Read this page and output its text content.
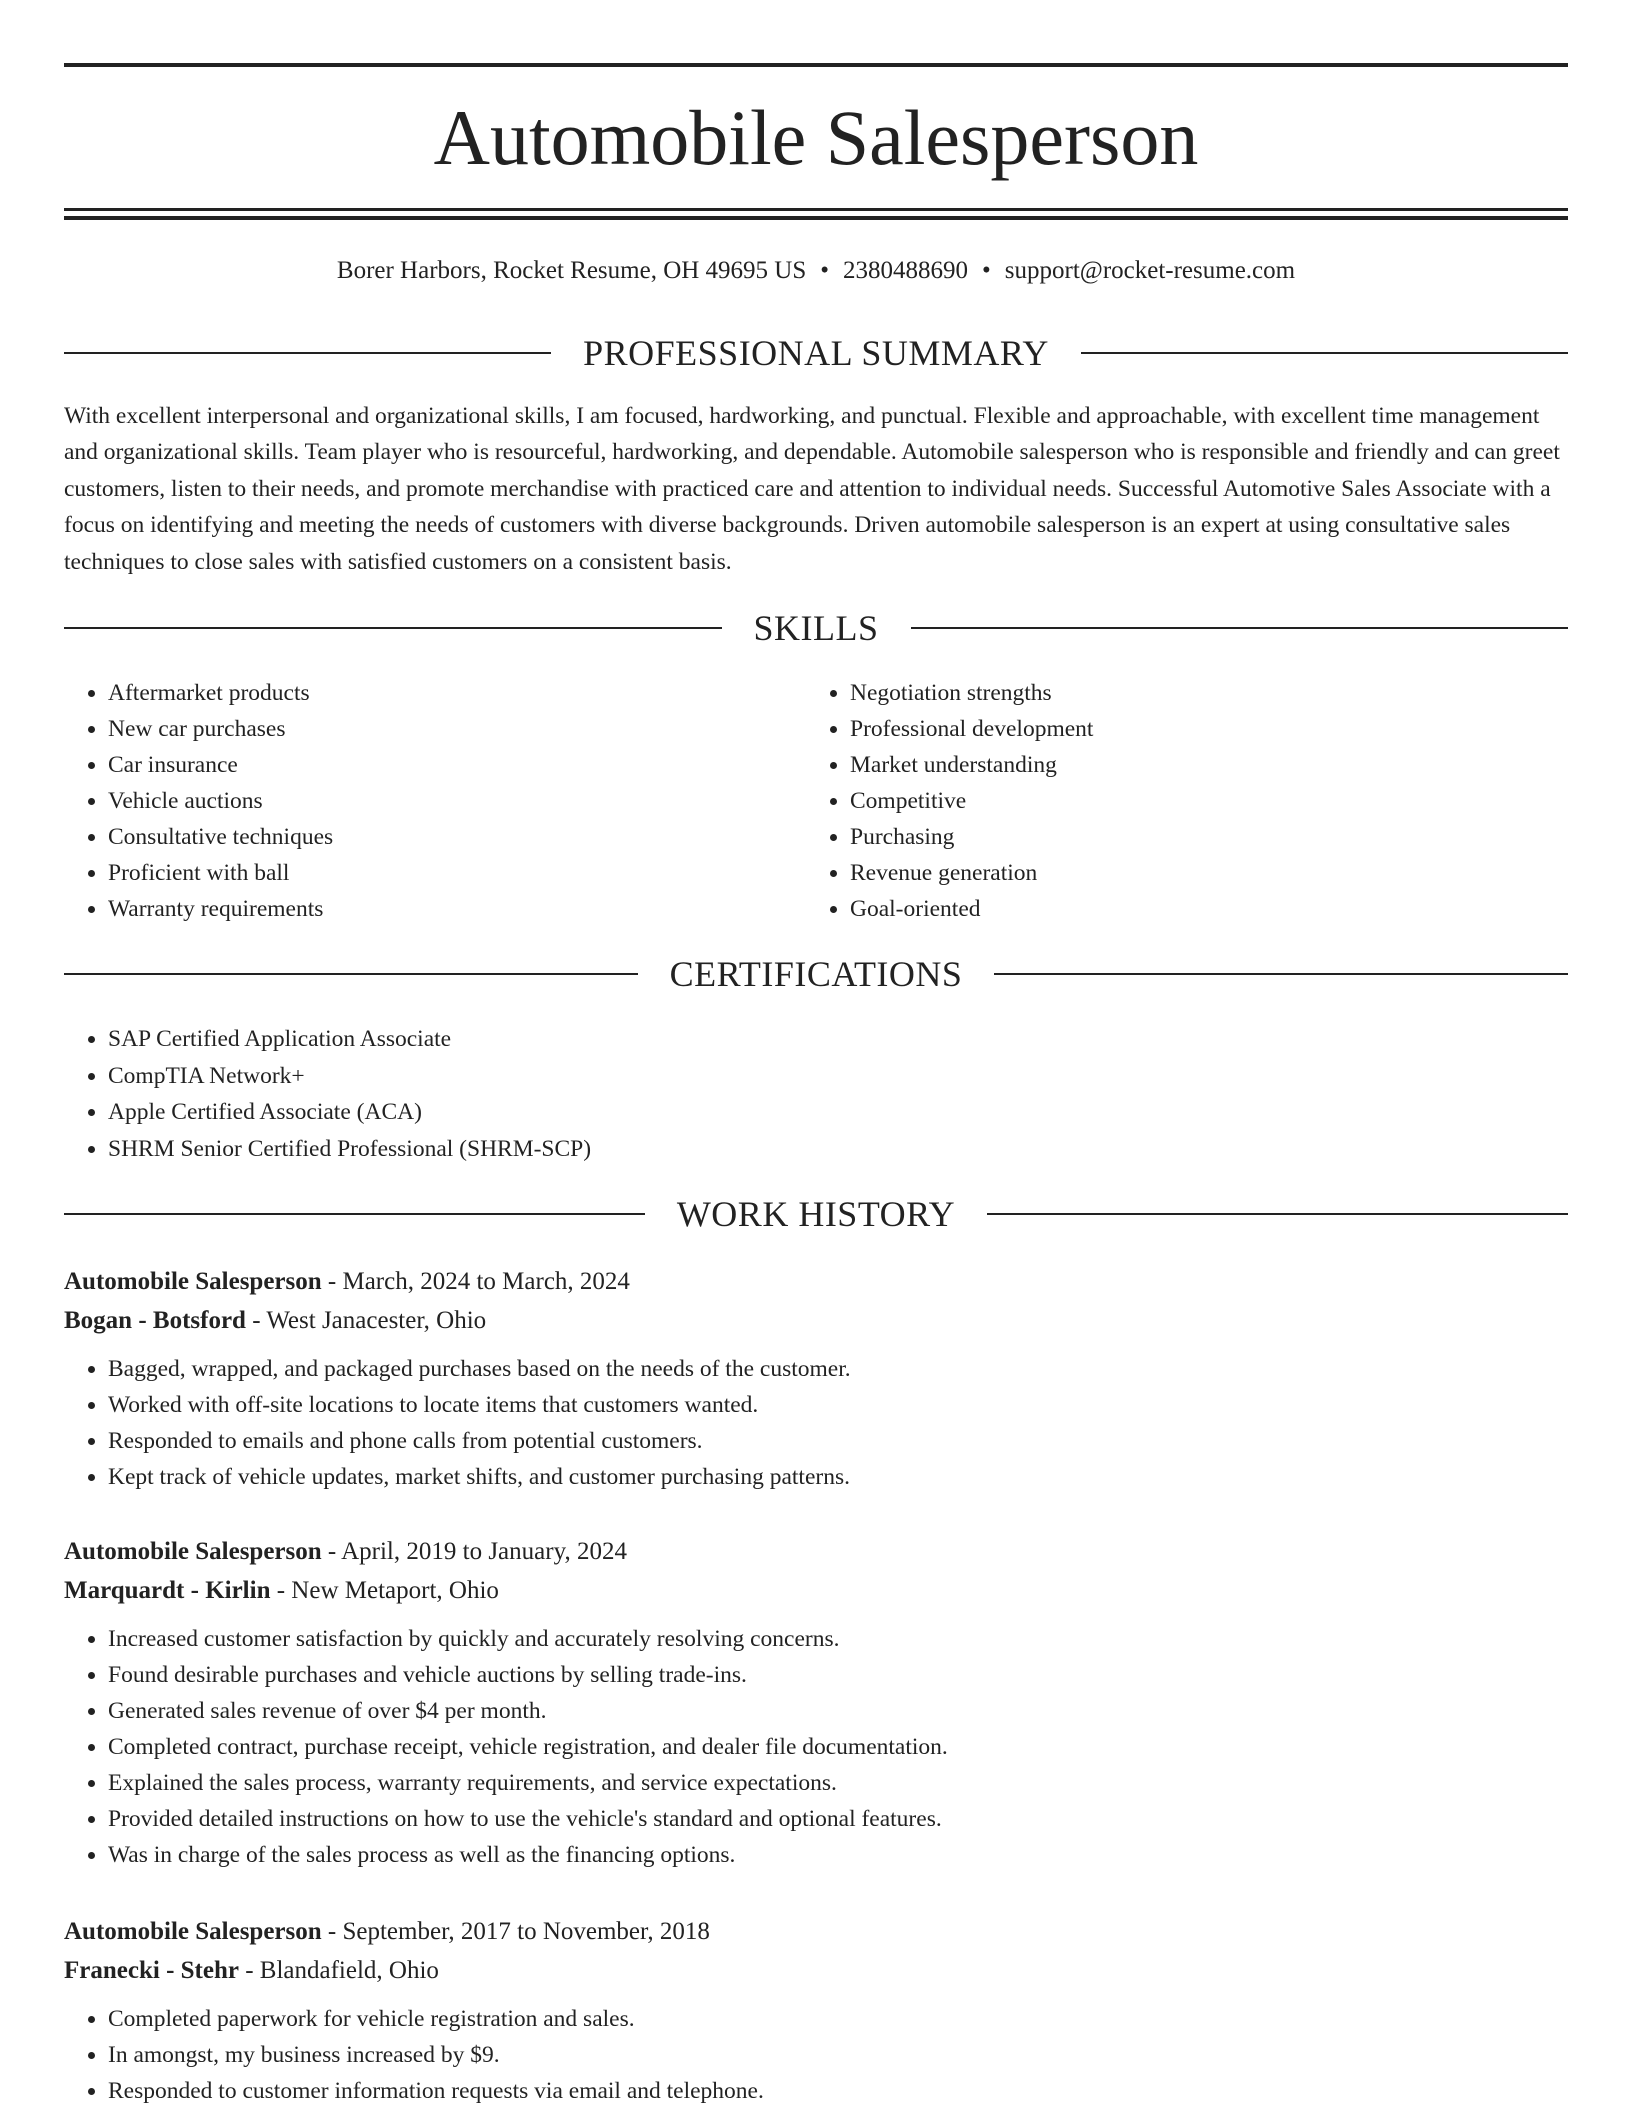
Automobile Salesperson
Borer Harbors, Rocket Resume, OH 49695 US • 2380488690 • support@rocket-resume.com
PROFESSIONAL SUMMARY

With excellent interpersonal and organizational skills, I am focused, hardworking, and punctual. Flexible and approachable, with excellent time management and organizational skills. Team player who is resourceful, hardworking, and dependable. Automobile salesperson who is responsible and friendly and can greet customers, listen to their needs, and promote merchandise with practiced care and attention to individual needs. Successful Automotive Sales Associate with a focus on identifying and meeting the needs of customers with diverse backgrounds. Driven automobile salesperson is an expert at using consultative sales techniques to close sales with satisfied customers on a consistent basis.

SKILLS
• Aftermarket products
• New car purchases
• Car insurance
• Vehicle auctions
• Consultative techniques
• Proficient with ball
• Warranty requirements
• Negotiation strengths
• Professional development
• Market understanding
• Competitive
• Purchasing
• Revenue generation
• Goal-oriented
CERTIFICATIONS
• SAP Certified Application Associate
• CompTIA Network+
• Apple Certified Associate (ACA)
• SHRM Senior Certified Professional (SHRM-SCP)
WORK HISTORY
Automobile Salesperson - March, 2024 to March, 2024
Bogan - Botsford - West Janacester, Ohio
• Bagged, wrapped, and packaged purchases based on the needs of the customer.
• Worked with off-site locations to locate items that customers wanted.
• Responded to emails and phone calls from potential customers.
• Kept track of vehicle updates, market shifts, and customer purchasing patterns.
Automobile Salesperson - April, 2019 to January, 2024
Marquardt - Kirlin - New Metaport, Ohio
• Increased customer satisfaction by quickly and accurately resolving concerns.
• Found desirable purchases and vehicle auctions by selling trade-ins.
• Generated sales revenue of over $4 per month.
• Completed contract, purchase receipt, vehicle registration, and dealer file documentation.
• Explained the sales process, warranty requirements, and service expectations.
• Provided detailed instructions on how to use the vehicle's standard and optional features.
• Was in charge of the sales process as well as the financing options.
Automobile Salesperson - September, 2017 to November, 2018
Franecki - Stehr - Blandafield, Ohio
• Completed paperwork for vehicle registration and sales.
• In amongst, my business increased by $9.
• Responded to customer information requests via email and telephone.
